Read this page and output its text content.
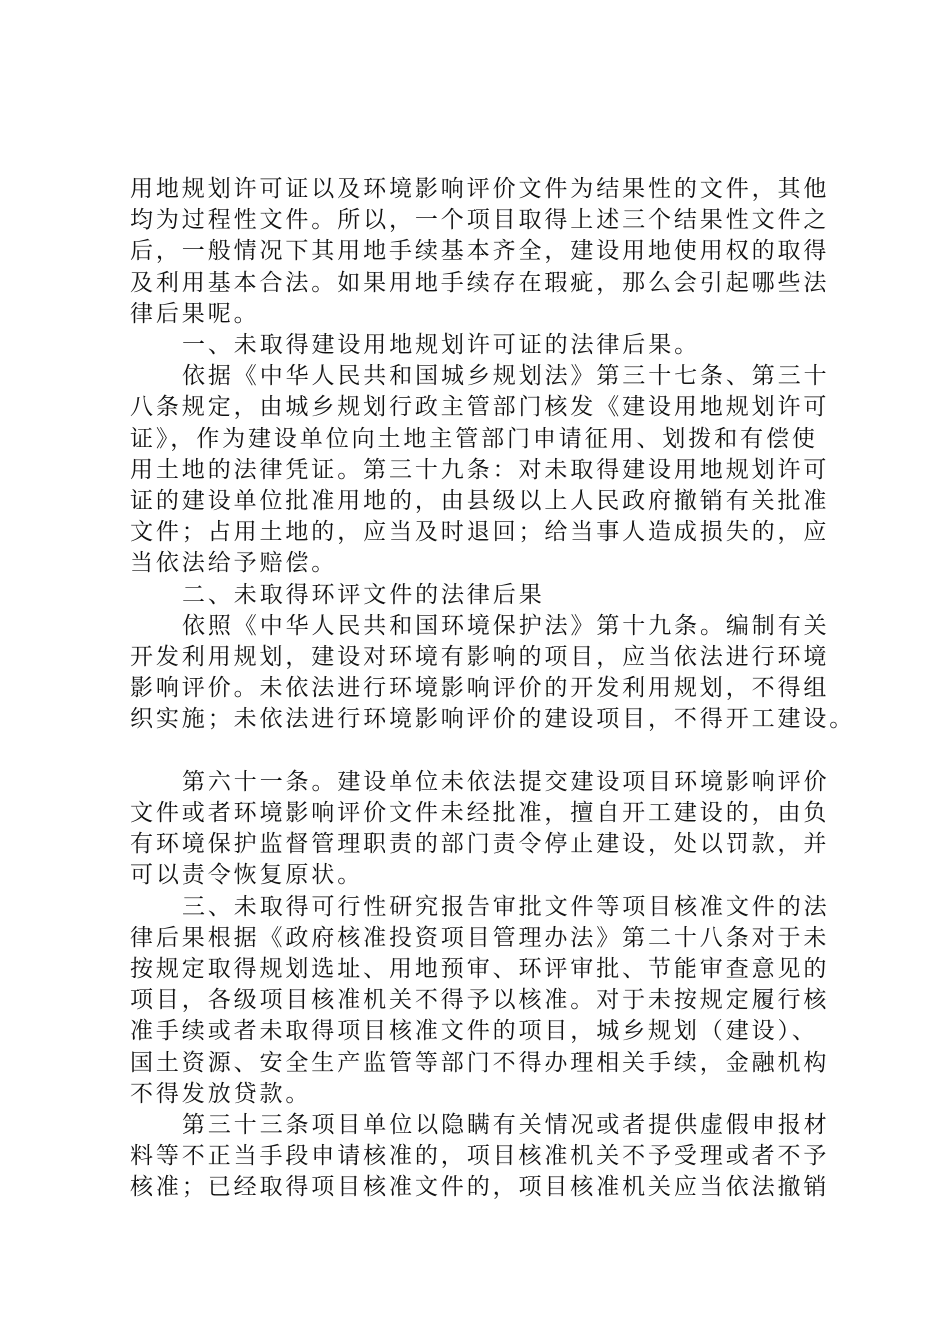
用地规划许可证以及环境影响评价文件为结果性的文件，其他

均为过程性文件。所以，一个项目取得上述三个结果性文件之

后，一般情况下其用地手续基本齐全，建设用地使用权的取得

及利用基本合法。如果用地手续存在瑕疵，那么会引起哪些法

律后果呢。

一、未取得建设用地规划许可证的法律后果。

依据《中华人民共和国城乡规划法》第三十七条、第三十

八条规定，由城乡规划行政主管部门核发《建设用地规划许可

证》，作为建设单位向土地主管部门申请征用、划拨和有偿使

用土地的法律凭证。第三十九条：对未取得建设用地规划许可

证的建设单位批准用地的，由县级以上人民政府撤销有关批准

文件；占用土地的，应当及时退回；给当事人造成损失的，应

当依法给予赔偿。

二、未取得环评文件的法律后果

依照《中华人民共和国环境保护法》第十九条。编制有关

开发利用规划，建设对环境有影响的项目，应当依法进行环境

影响评价。未依法进行环境影响评价的开发利用规划，不得组

织实施；未依法进行环境影响评价的建设项目，不得开工建设。

第六十一条。建设单位未依法提交建设项目环境影响评价

文件或者环境影响评价文件未经批准，擅自开工建设的，由负

有环境保护监督管理职责的部门责令停止建设，处以罚款，并

可以责令恢复原状。

三、未取得可行性研究报告审批文件等项目核准文件的法

律后果根据《政府核准投资项目管理办法》第二十八条对于未

按规定取得规划选址、用地预审、环评审批、节能审查意见的

项目，各级项目核准机关不得予以核准。对于未按规定履行核

准手续或者未取得项目核准文件的项目，城乡规划（建设）、

国土资源、安全生产监管等部门不得办理相关手续，金融机构

不得发放贷款。

第三十三条项目单位以隐瞒有关情况或者提供虚假申报材

料等不正当手段申请核准的，项目核准机关不予受理或者不予

核准；已经取得项目核准文件的，项目核准机关应当依法撤销
